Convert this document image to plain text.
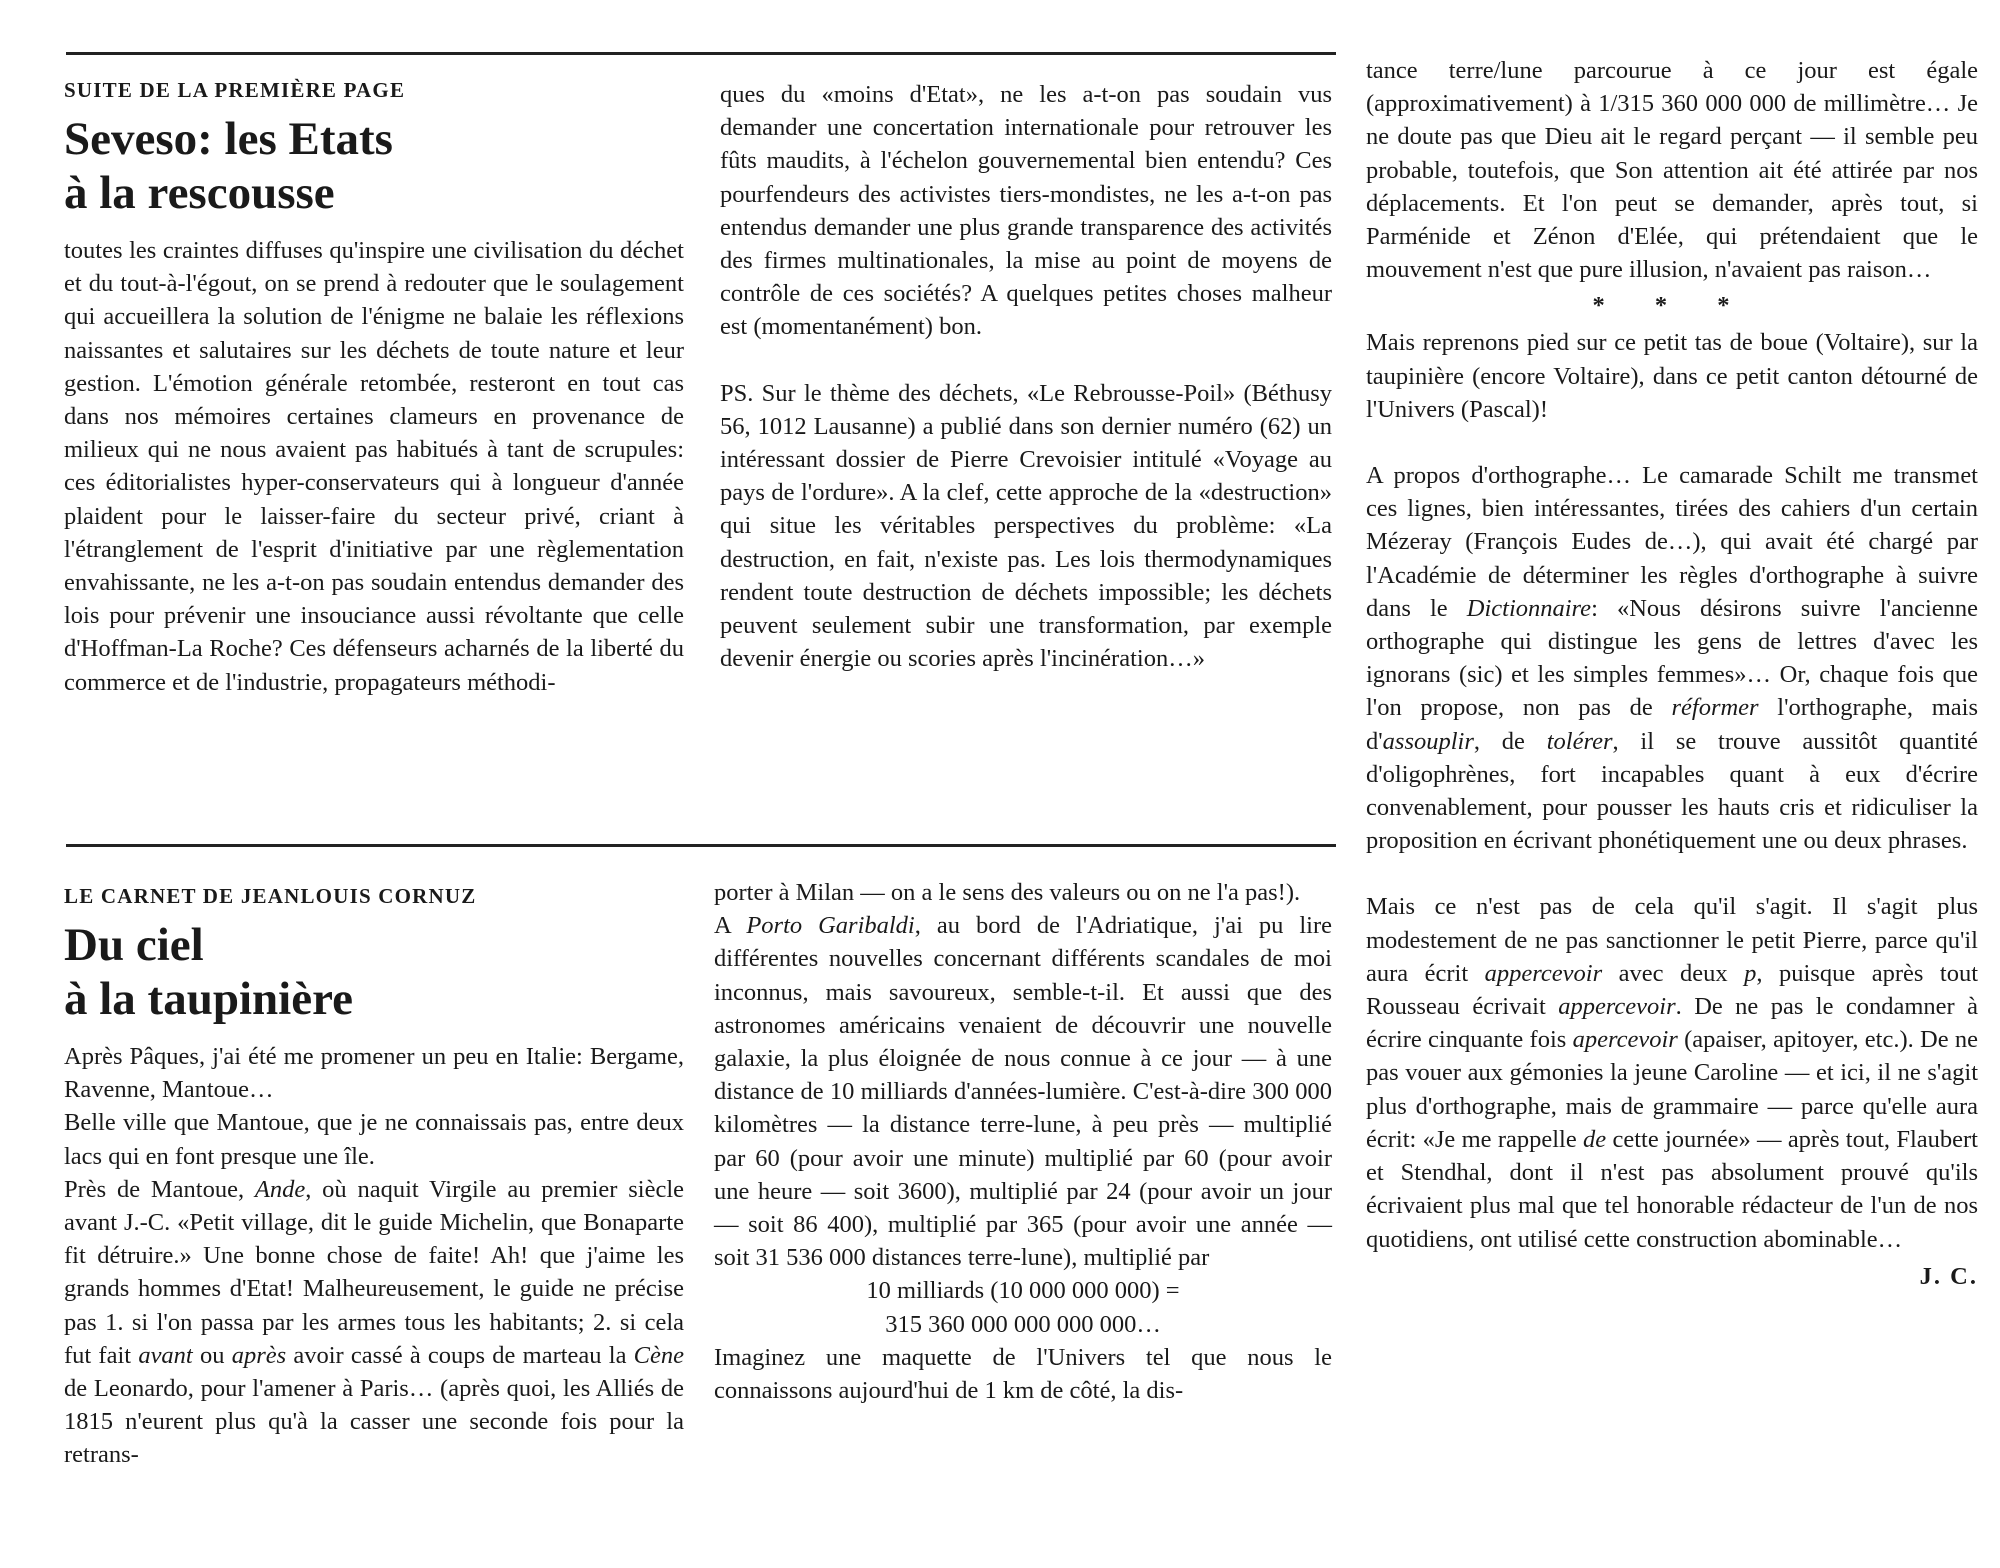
SUITE DE LA PREMIÈRE PAGE
Seveso: les Etats
à la rescousse

toutes les craintes diffuses qu'inspire une civilisation du déchet et du tout-à-l'égout, on se prend à redouter que le soulagement qui accueillera la solution de l'énigme ne balaie les réflexions naissantes et salutaires sur les déchets de toute nature et leur gestion. L'émotion générale retombée, resteront en tout cas dans nos mémoires certaines clameurs en provenance de milieux qui ne nous avaient pas habitués à tant de scrupules: ces éditorialistes hyper-conservateurs qui à longueur d'année plaident pour le laisser-faire du secteur privé, criant à l'étranglement de l'esprit d'initiative par une règlementation envahissante, ne les a-t-on pas soudain entendus demander des lois pour prévenir une insouciance aussi révoltante que celle d'Hoffman-La Roche? Ces défenseurs acharnés de la liberté du commerce et de l'industrie, propagateurs méthodi-

ques du «moins d'Etat», ne les a-t-on pas soudain vus demander une concertation internationale pour retrouver les fûts maudits, à l'échelon gouvernemental bien entendu? Ces pourfendeurs des activistes tiers-mondistes, ne les a-t-on pas entendus demander une plus grande transparence des activités des firmes multinationales, la mise au point de moyens de contrôle de ces sociétés? A quelques petites choses malheur est (momentanément) bon.

PS. Sur le thème des déchets, «Le Rebrousse-Poil» (Béthusy 56, 1012 Lausanne) a publié dans son dernier numéro (62) un intéressant dossier de Pierre Crevoisier intitulé «Voyage au pays de l'ordure». A la clef, cette approche de la «destruction» qui situe les véritables perspectives du problème: «La destruction, en fait, n'existe pas. Les lois thermodynamiques rendent toute destruction de déchets impossible; les déchets peuvent seulement subir une transformation, par exemple devenir énergie ou scories après l'incinération…»

LE CARNET DE JEANLOUIS CORNUZ
Du ciel
à la taupinière

Après Pâques, j'ai été me promener un peu en Italie: Bergame, Ravenne, Mantoue…

Belle ville que Mantoue, que je ne connaissais pas, entre deux lacs qui en font presque une île.

Près de Mantoue, Ande, où naquit Virgile au premier siècle avant J.-C. «Petit village, dit le guide Michelin, que Bonaparte fit détruire.» Une bonne chose de faite! Ah! que j'aime les grands hommes d'Etat! Malheureusement, le guide ne précise pas 1. si l'on passa par les armes tous les habitants; 2. si cela fut fait avant ou après avoir cassé à coups de marteau la Cène de Leonardo, pour l'amener à Paris… (après quoi, les Alliés de 1815 n'eurent plus qu'à la casser une seconde fois pour la retrans-

porter à Milan — on a le sens des valeurs ou on ne l'a pas!).

A Porto Garibaldi, au bord de l'Adriatique, j'ai pu lire différentes nouvelles concernant différents scandales de moi inconnus, mais savoureux, semble-t-il. Et aussi que des astronomes américains venaient de découvrir une nouvelle galaxie, la plus éloignée de nous connue à ce jour — à une distance de 10 milliards d'années-lumière. C'est-à-dire 300 000 kilomètres — la distance terre-lune, à peu près — multiplié par 60 (pour avoir une minute) multiplié par 60 (pour avoir une heure — soit 3600), multiplié par 24 (pour avoir un jour — soit 86 400), multiplié par 365 (pour avoir une année — soit 31 536 000 distances terre-lune), multiplié par

10 milliards (10 000 000 000) =

315 360 000 000 000 000…

Imaginez une maquette de l'Univers tel que nous le connaissons aujourd'hui de 1 km de côté, la dis-

tance terre/lune parcourue à ce jour est égale (approximativement) à 1/315 360 000 000 de millimètre… Je ne doute pas que Dieu ait le regard perçant — il semble peu probable, toutefois, que Son attention ait été attirée par nos déplacements. Et l'on peut se demander, après tout, si Parménide et Zénon d'Elée, qui prétendaient que le mouvement n'est que pure illusion, n'avaient pas raison…

* * *

Mais reprenons pied sur ce petit tas de boue (Voltaire), sur la taupinière (encore Voltaire), dans ce petit canton détourné de l'Univers (Pascal)!

A propos d'orthographe… Le camarade Schilt me transmet ces lignes, bien intéressantes, tirées des cahiers d'un certain Mézeray (François Eudes de…), qui avait été chargé par l'Académie de déterminer les règles d'orthographe à suivre dans le Dictionnaire: «Nous désirons suivre l'ancienne orthographe qui distingue les gens de lettres d'avec les ignorans (sic) et les simples femmes»… Or, chaque fois que l'on propose, non pas de réformer l'orthographe, mais d'assouplir, de tolérer, il se trouve aussitôt quantité d'oligophrènes, fort incapables quant à eux d'écrire convenablement, pour pousser les hauts cris et ridiculiser la proposition en écrivant phonétiquement une ou deux phrases.

Mais ce n'est pas de cela qu'il s'agit. Il s'agit plus modestement de ne pas sanctionner le petit Pierre, parce qu'il aura écrit appercevoir avec deux p, puisque après tout Rousseau écrivait appercevoir. De ne pas le condamner à écrire cinquante fois apercevoir (apaiser, apitoyer, etc.). De ne pas vouer aux gémonies la jeune Caroline — et ici, il ne s'agit plus d'orthographe, mais de grammaire — parce qu'elle aura écrit: «Je me rappelle de cette journée» — après tout, Flaubert et Stendhal, dont il n'est pas absolument prouvé qu'ils écrivaient plus mal que tel honorable rédacteur de l'un de nos quotidiens, ont utilisé cette construction abominable…

J. C.
